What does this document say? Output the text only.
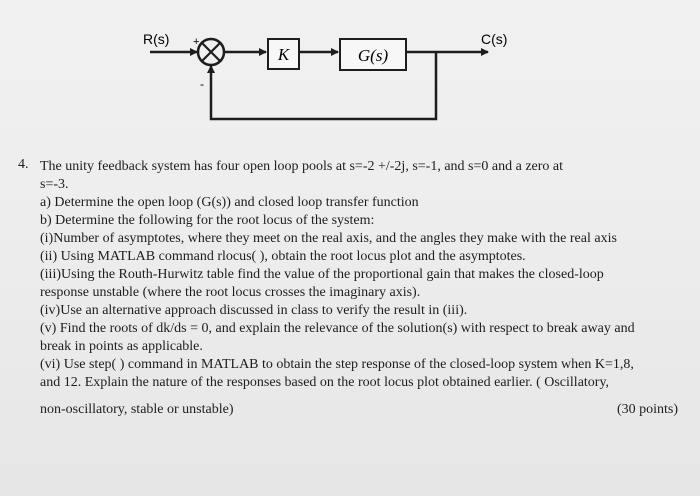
R(s) +
-
K	G(s)
C(s)
4. The unity feedback system has four open loop pools at s=-2 +/-2j, s=-1, and s=0 and a zero at
s=-3.
a) Determine the open loop (G(s)) and closed loop transfer function
b) Determine the following for the root locus of the system:
(i)Number of asymptotes, where they meet on the real axis, and the angles they make with the real axis
(ii) Using MATLAB command rlocus( ), obtain the root locus plot and the asymptotes.
(iii)Using the Routh-Hurwitz table find the value of the proportional gain that makes the closed-loop
response unstable (where the root locus crosses the imaginary axis).
(iv)Use an alternative approach discussed in class to verify the result in (iii).
(v) Find the roots of dk/ds = 0, and explain the relevance of the solution(s) with respect to break away and
break in points as applicable.
(vi) Use step( ) command in MATLAB to obtain the step response of the closed-loop system when K=1,8,
and 12. Explain the nature of the responses based on the root locus plot obtained earlier. ( Oscillatory,
non-oscillatory, stable or unstable)	(30 points)
